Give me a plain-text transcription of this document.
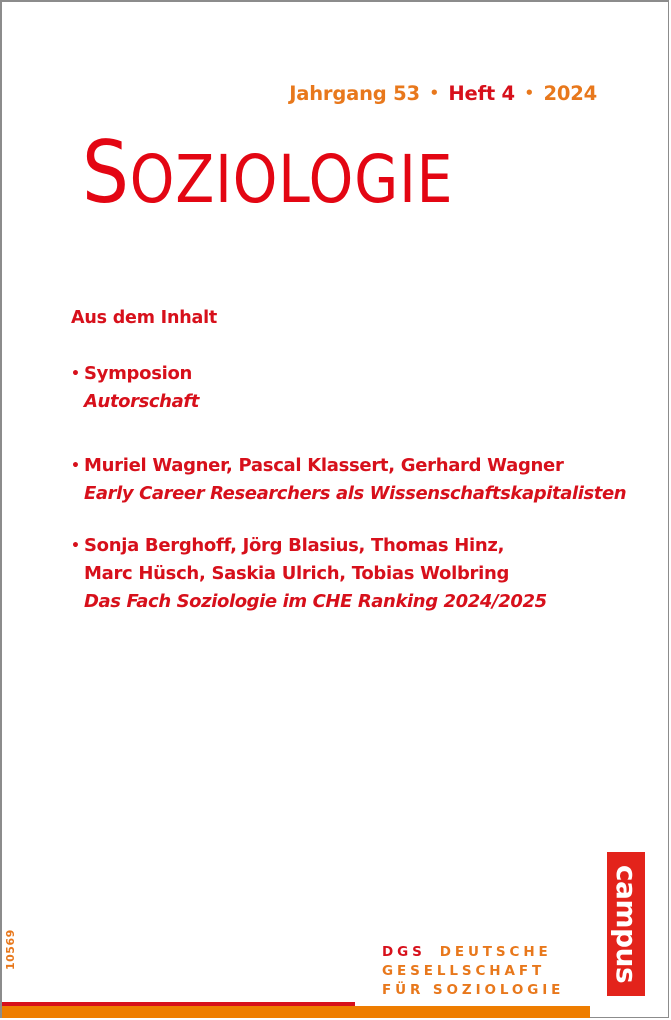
Jahrgang 53 • Heft 4 • 2024
SOZIOLOGIE
Aus dem Inhalt
• Symposion
Autorschaft
• Muriel Wagner, Pascal Klassert, Gerhard Wagner
Early Career Researchers als Wissenschaftskapitalisten
• Sonja Berghoff, Jörg Blasius, Thomas Hinz,
Marc Hüsch, Saskia Ulrich, Tobias Wolbring
Das Fach Soziologie im CHE Ranking 2024/2025
10569	DGS DEUTSCHE
GESELLSCHAFT
FÜR SOZIOLOGIE
campus
